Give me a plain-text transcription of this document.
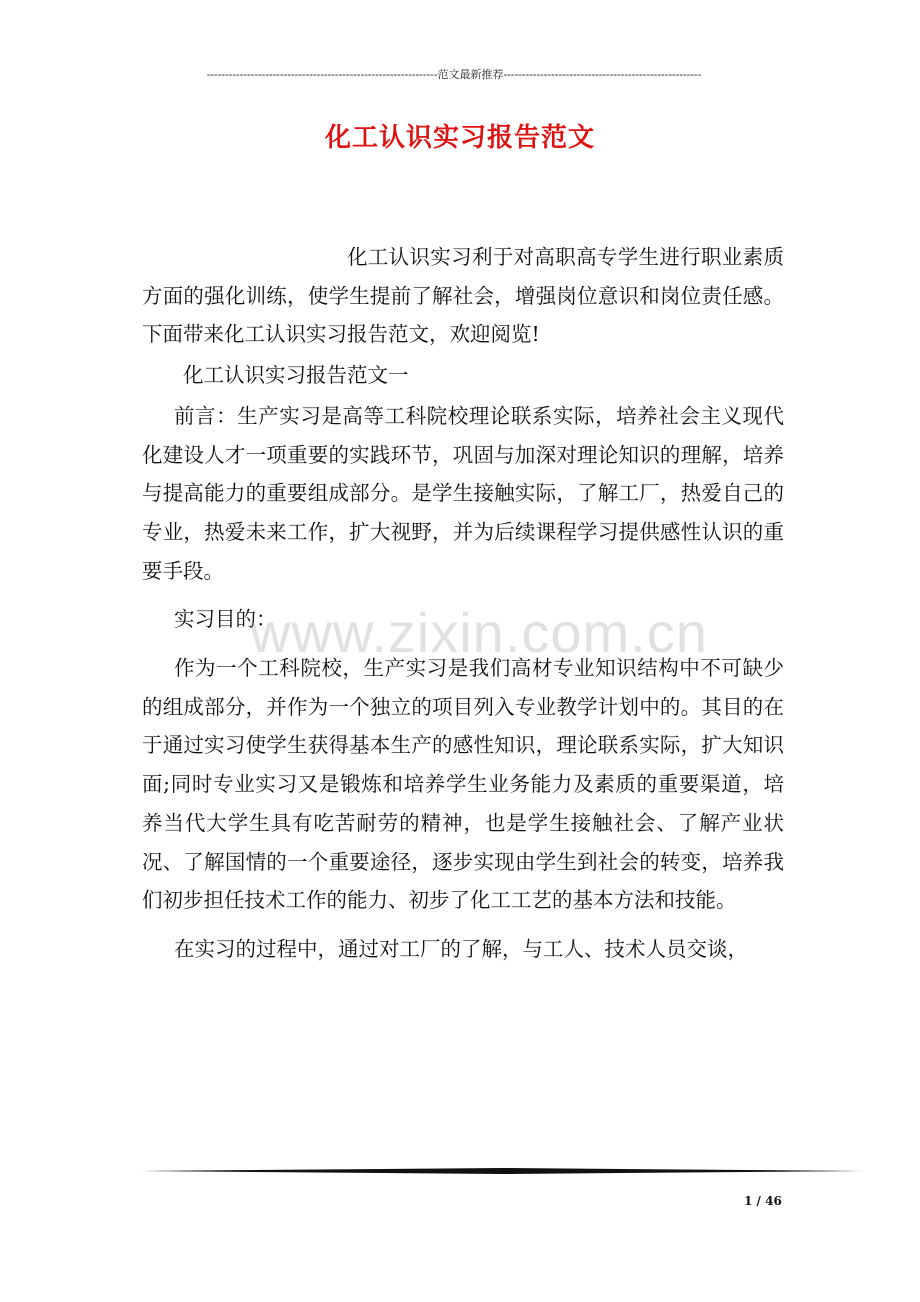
---------------------------------------------------------------范文最新推荐------------------------------------------------------
化工认识实习报告范文

化工认识实习利于对高职高专学生进行职业素质方面的强化训练，使学生提前了解社会，增强岗位意识和岗位责任感。下面带来化工认识实习报告范文，欢迎阅览!

化工认识实习报告范文一

前言：生产实习是高等工科院校理论联系实际，培养社会主义现代化建设人才一项重要的实践环节，巩固与加深对理论知识的理解，培养与提高能力的重要组成部分。是学生接触实际，了解工厂，热爱自己的专业，热爱未来工作，扩大视野，并为后续课程学习提供感性认识的重要手段。

实习目的：

作为一个工科院校，生产实习是我们高材专业知识结构中不可缺少的组成部分，并作为一个独立的项目列入专业教学计划中的。其目的在于通过实习使学生获得基本生产的感性知识，理论联系实际，扩大知识面;同时专业实习又是锻炼和培养学生业务能力及素质的重要渠道，培养当代大学生具有吃苦耐劳的精神，也是学生接触社会、了解产业状况、了解国情的一个重要途径，逐步实现由学生到社会的转变，培养我们初步担任技术工作的能力、初步了化工工艺的基本方法和技能。

在实习的过程中，通过对工厂的了解，与工人、技术人员交谈，

www.zixin.com.cn
1 / 46
